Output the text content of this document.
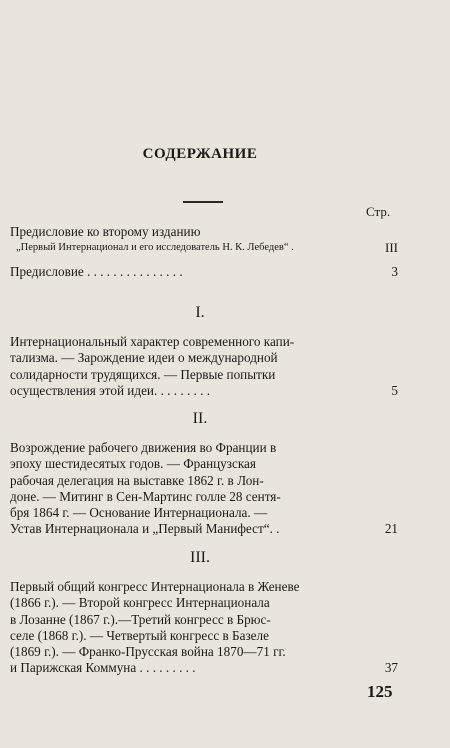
СОДЕРЖАНИЕ
Стр.
Предисловие ко второму изданию
„Первый Интернационал и его исследователь Н. К. Лебедев“ .	III
Предисловие . . . . . . . . . . . . . . .	3
I.
Интернациональный характер современного капи-
тализма. — Зарождение идеи о международной
солидарности трудящихся. — Первые попытки
осуществления этой идеи. . . . . . . . .	5
II.
Возрождение рабочего движения во Франции в
эпоху шестидесятых годов. — Французская
рабочая делегация на выставке 1862 г. в Лон-
доне. — Митинг в Сен-Мартинс голле 28 сентя-
бря 1864 г. — Основание Интернационала. —
Устав Интернационала и „Первый Манифест“. .	21
III.
Первый общий конгресс Интернационала в Женеве
(1866 г.). — Второй конгресс Интернационала
в Лозанне (1867 г.).—Третий конгресс в Брюс-
селе (1868 г.). — Четвертый конгресс в Базеле
(1869 г.). — Франко-Прусская война 1870—71 гг.
и Парижская Коммуна . . . . . . . . .	37
125
